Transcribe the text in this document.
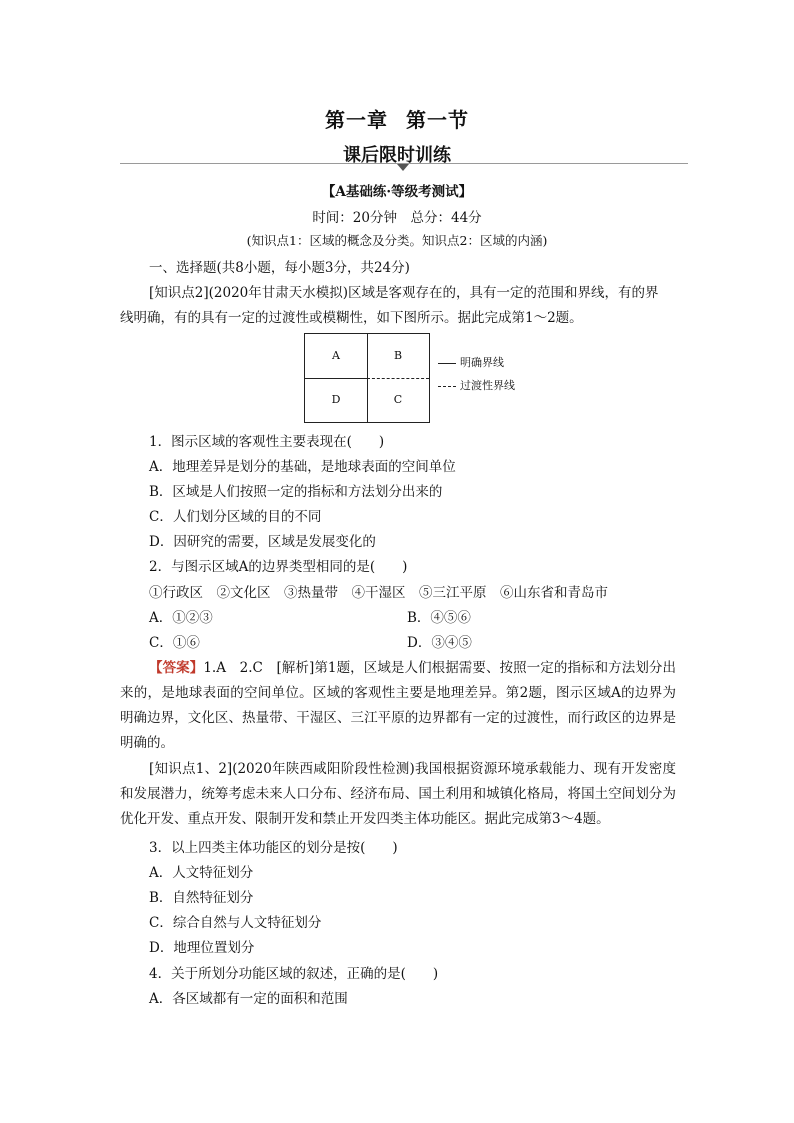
第一章 第一节
课后限时训练
【A基础练·等级考测试】
时间：20分钟　总分：44分
(知识点1：区域的概念及分类。知识点2：区域的内涵)
一、选择题(共8小题，每小题3分，共24分)
[知识点2](2020年甘肃天水模拟)区域是客观存在的，具有一定的范围和界线，有的界
线明确，有的具有一定的过渡性或模糊性，如下图所示。据此完成第1～2题。
A	B
D	C
明确界线
过渡性界线
1．图示区域的客观性主要表现在(　　)
A．地理差异是划分的基础，是地球表面的空间单位
B．区域是人们按照一定的指标和方法划分出来的
C．人们划分区域的目的不同
D．因研究的需要，区域是发展变化的
2．与图示区域A的边界类型相同的是(　　)
①行政区　②文化区　③热量带　④干湿区　⑤三江平原　⑥山东省和青岛市
A．①②③	B．④⑤⑥
C．①⑥	D．③④⑤
【答案】1.A　2.C　[解析]第1题，区域是人们根据需要、按照一定的指标和方法划分出来的，是地球表面的空间单位。区域的客观性主要是地理差异。第2题，图示区域A的边界为明确边界，文化区、热量带、干湿区、三江平原的边界都有一定的过渡性，而行政区的边界是明确的。
[知识点1、2](2020年陕西咸阳阶段性检测)我国根据资源环境承载能力、现有开发密度和发展潜力，统筹考虑未来人口分布、经济布局、国土利用和城镇化格局，将国土空间划分为优化开发、重点开发、限制开发和禁止开发四类主体功能区。据此完成第3～4题。
3．以上四类主体功能区的划分是按(　　)
A．人文特征划分
B．自然特征划分
C．综合自然与人文特征划分
D．地理位置划分
4．关于所划分功能区域的叙述，正确的是(　　)
A．各区域都有一定的面积和范围
